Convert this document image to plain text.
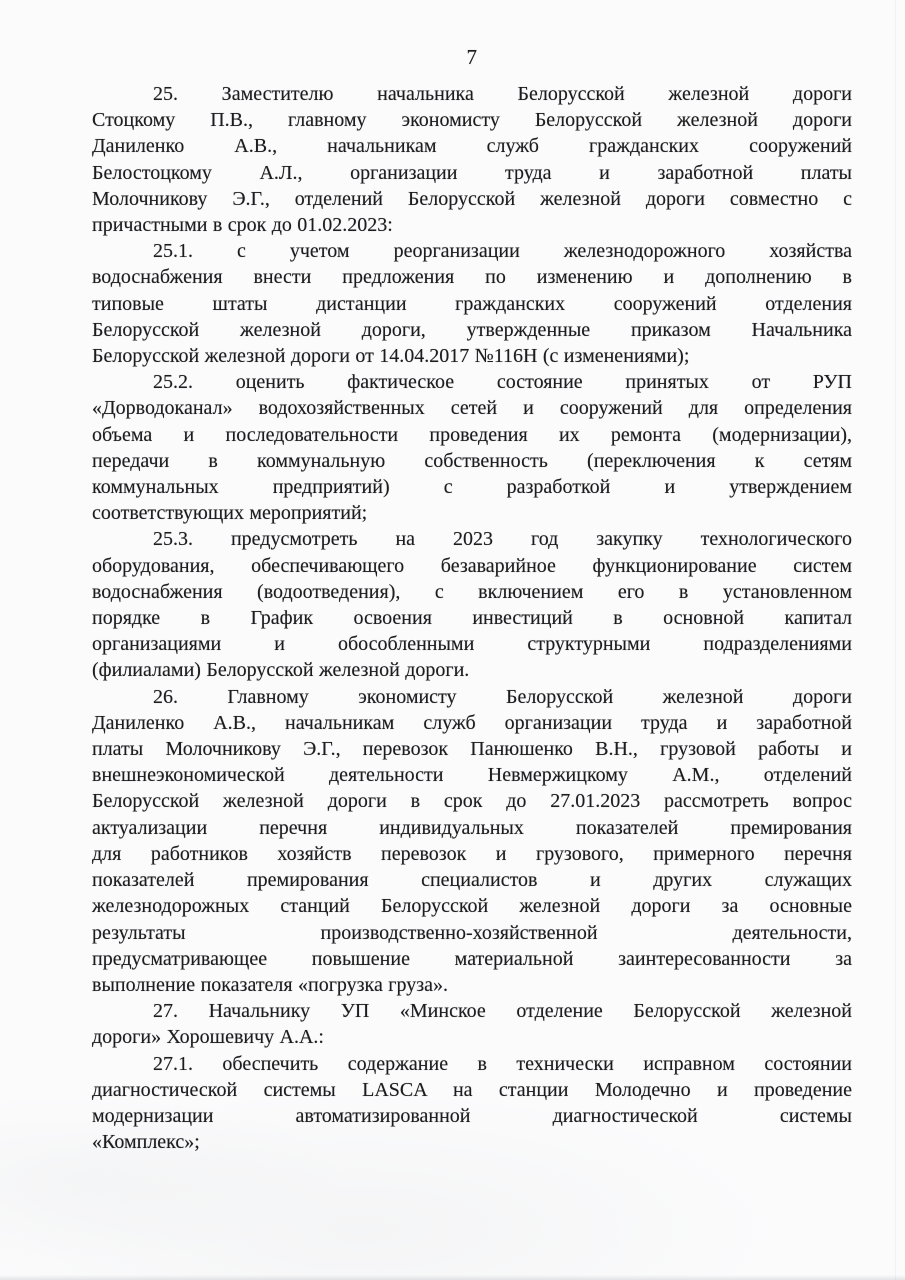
7
25. Заместителю начальника Белорусской железной дороги
Стоцкому П.В., главному экономисту Белорусской железной дороги
Даниленко А.В., начальникам служб гражданских сооружений
Белостоцкому А.Л., организации труда и заработной платы
Молочникову Э.Г., отделений Белорусской железной дороги совместно с
причастными в срок до 01.02.2023:
25.1. с учетом реорганизации железнодорожного хозяйства
водоснабжения внести предложения по изменению и дополнению в
типовые штаты дистанции гражданских сооружений отделения
Белорусской железной дороги, утвержденные приказом Начальника
Белорусской железной дороги от 14.04.2017 №116Н (с изменениями);
25.2. оценить фактическое состояние принятых от РУП
«Дорводоканал» водохозяйственных сетей и сооружений для определения
объема и последовательности проведения их ремонта (модернизации),
передачи в коммунальную собственность (переключения к сетям
коммунальных предприятий) с разработкой и утверждением
соответствующих мероприятий;
25.3. предусмотреть на 2023 год закупку технологического
оборудования, обеспечивающего безаварийное функционирование систем
водоснабжения (водоотведения), с включением его в установленном
порядке в График освоения инвестиций в основной капитал
организациями и обособленными структурными подразделениями
(филиалами) Белорусской железной дороги.
26. Главному экономисту Белорусской железной дороги
Даниленко А.В., начальникам служб организации труда и заработной
платы Молочникову Э.Г., перевозок Панюшенко В.Н., грузовой работы и
внешнеэкономической деятельности Невмержицкому А.М., отделений
Белорусской железной дороги в срок до 27.01.2023 рассмотреть вопрос
актуализации перечня индивидуальных показателей премирования
для работников хозяйств перевозок и грузового, примерного перечня
показателей премирования специалистов и других служащих
железнодорожных станций Белорусской железной дороги за основные
результаты производственно-хозяйственной деятельности,
предусматривающее повышение материальной заинтересованности за
выполнение показателя «погрузка груза».
27. Начальнику УП «Минское отделение Белорусской железной
дороги» Хорошевичу А.А.:
27.1. обеспечить содержание в технически исправном состоянии
диагностической системы LASCA на станции Молодечно и проведение
модернизации автоматизированной диагностической системы
«Комплекс»;
